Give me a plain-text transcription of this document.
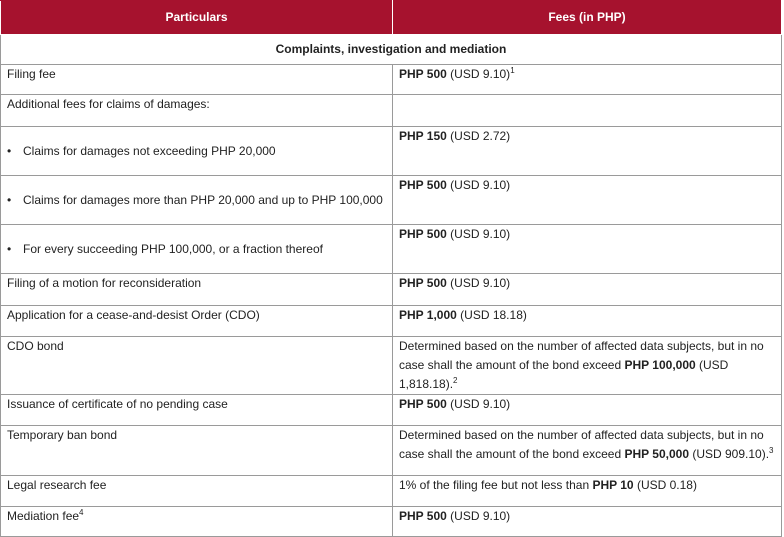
Particulars	Fees (in PHP)
Complaints, investigation and mediation	
Filing fee	PHP 500 (USD 9.10)$^1$
Additional fees for claims of damages:	
• Claims for damages not exceeding PHP 20,000	PHP 150 (USD 2.72)
• Claims for damages more than PHP 20,000 and up to PHP 100,000	PHP 500 (USD 9.10)
• For every succeeding PHP 100,000, or a fraction thereof	PHP 500 (USD 9.10)
Filing of a motion for reconsideration	PHP 500 (USD 9.10)
Application for a cease-and-desist Order (CDO)	PHP 1,000 (USD 18.18)
CDO bond	Determined based on the number of affected data subjects, but in no case shall the amount of the bond exceed PHP 100,000 (USD 1,818.18).$^2$
Issuance of certificate of no pending case	PHP 500 (USD 9.10)
Temporary ban bond	Determined based on the number of affected data subjects, but in no case shall the amount of the bond exceed PHP 50,000 (USD 909.10).$^3$
Legal research fee	1% of the filing fee but not less than PHP 10 (USD 0.18)
Mediation fee$^4$	PHP 500 (USD 9.10)
